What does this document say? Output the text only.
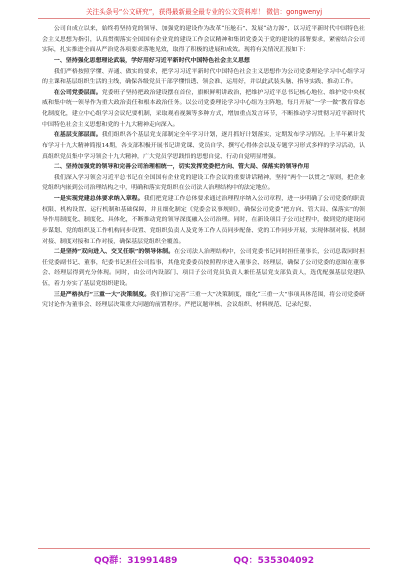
关注头条号“公文研究”，获得最新最全最专业的公文资料库！ 微信：gongwenyj

公司自成立以来，始终将坚持党的领导、加强党的建设作为改革“压舱石”、发展“动力源”，以习近平新时代中国特色社会主义思想为指引，认真贯彻落实全国国有企业党的建设工作会议精神和集团党委关于党的建设的部署要求，紧密结合公司实际，扎实推进全面从严治党各项要求落地见效，取得了积极的进展和成效。现将有关情况汇报如下：

一、坚持强化思想理论武装，学好用好习近平新时代中国特色社会主义思想

我们严格按照学懂、弄通、做实的要求，把学习习近平新时代中国特色社会主义思想作为公司党委理论学习中心组学习的主课和基层组织生活的主线，确保各级党员干部学懂悟透、领会准、运用好，并以此武装头脑、指导实践、推动工作。

在公司党委层面。党委班子坚持把政治建设摆在首位，旗帜鲜明讲政治，把维护习近平总书记核心地位、维护党中央权威和集中统一领导作为重大政治责任和根本政治任务。以公司党委理论学习中心组为主阵地，每月开展“一学一做”教育常态化制度化，建立中心组学习会议纪要机制，采取观看视频等多种方式，增加重点发言环节，不断推动学习贯彻习近平新时代中国特色社会主义思想和党的十九大精神走向深入。

在基层支部层面。我们组织各个基层党支部制定全年学习计划，逐月抓好计划落实，定期发布学习情况。上半年累计发布学习十九大精神简报14期，各支部积极开展书记讲党课、党员自学、撰写心得体会以及专题学习形式多样的学习活动，认真组织党员集中学习领会十九大精神，广大党员学思践悟的思想自觉、行动自觉明显增强。

二、坚持加强党的领导和完善公司治理相统一，切实发挥党委把方向、管大局、保落实的领导作用

我们深入学习领会习近平总书记在全国国有企业党的建设工作会议的重要讲话精神，坚持“两个一以贯之”原则，把企业党组织内嵌到公司治理结构之中，明确和落实党组织在公司法人治理结构中的法定地位。

一是实现党建总体要求纳入章程。我们把党建工作总体要求通过治理程序纳入公司章程，进一步明确了公司党委的职责权限、机构设置、运行机制和基础保障，并且细化制定《党委会议事规则》，确保公司党委“把方向、管大局、保落实”的领导作用制度化、制度化、具体化，不断推动党的领导深度融入公司治理。同时，在新设项目子公司过程中，做到党的建设同步谋划、党的组织及工作机构同步设置、党组织负责人及党务工作人员同步配备、党的工作同步开展，实现体制对接、机制对接、制度对接和工作对接，确保基层党组织全覆盖。

二是坚持“双向进入、交叉任职”的领导体制。在公司法人治理结构中，公司党委书记同时担任董事长，公司总裁同时担任党委副书记、董事，纪委书记担任公司监事，其他党委委员按照程序进入董事会、经理层，确保了公司党委的意图在董事会、经理层得到充分体现。同时，由公司内设部门、项目子公司党员负责人兼任基层党支部负责人，选优配强基层党建队伍，着力夯实了基层党组织建设。

三是严格执行“三重一大”决策制度。我们修订完善“三重一大”决策制度，细化“三重一大”事项具体范围，将公司党委研究讨论作为董事会、经理层决策重大问题的前置程序。严把议题审核、会议组织、材料规范、记录纪要、

QQ群：31991489	QQ：535304092
